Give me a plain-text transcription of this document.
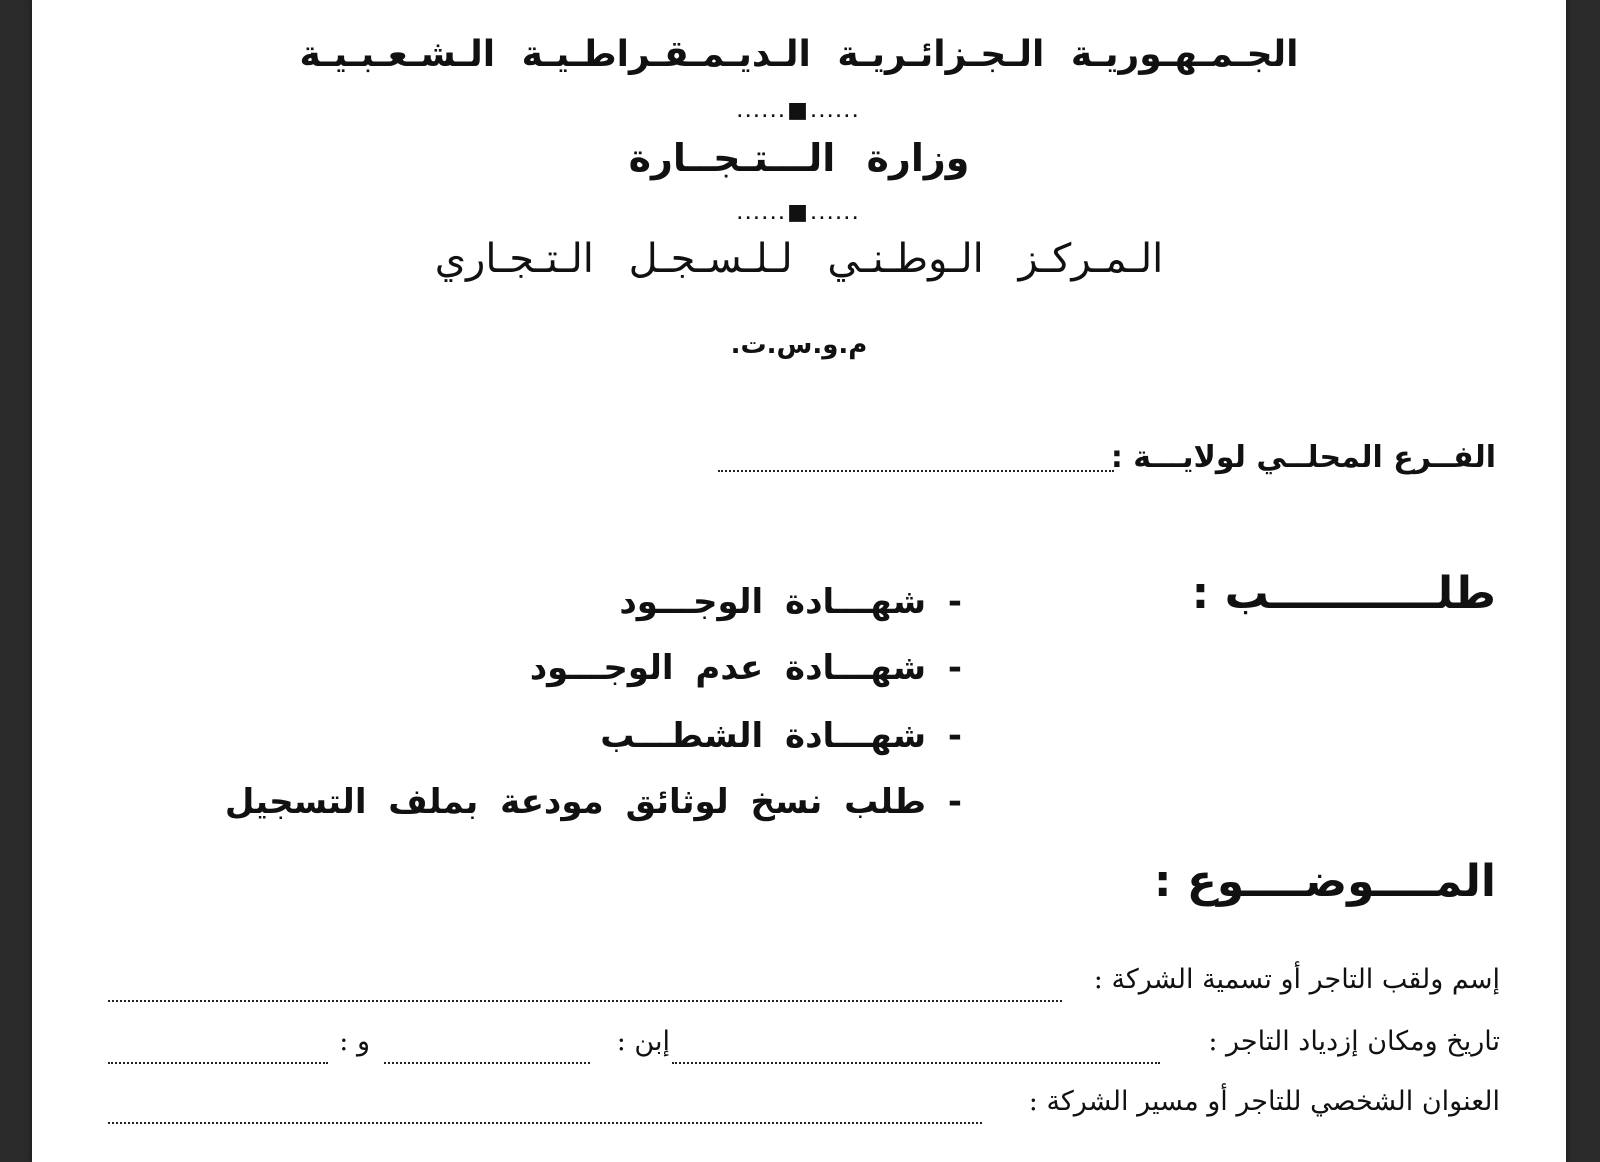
الجـمـهـوريـة الـجـزائـريـة الـديـمـقـراطـيـة الـشـعـبـيـة
......■......
وزارة الـــتـجــارة
......■......
الـمـركـز الـوطـنـي لـلـسـجـل الـتـجـاري
م.و.س.ت.
الفــرع المحلــي لولايـــة :
طلـــــــــــب :
- شهـــادة الوجـــود
- شهـــادة عدم الوجـــود
- شهـــادة الشطـــب
- طلب نسخ لوثائق مودعة بملف التسجيل
المــــوضــــوع :
إسم ولقب التاجر أو تسمية الشركة :
تاريخ ومكان إزدياد التاجر :
إبن :
و :
العنوان الشخصي للتاجر أو مسير الشركة :
